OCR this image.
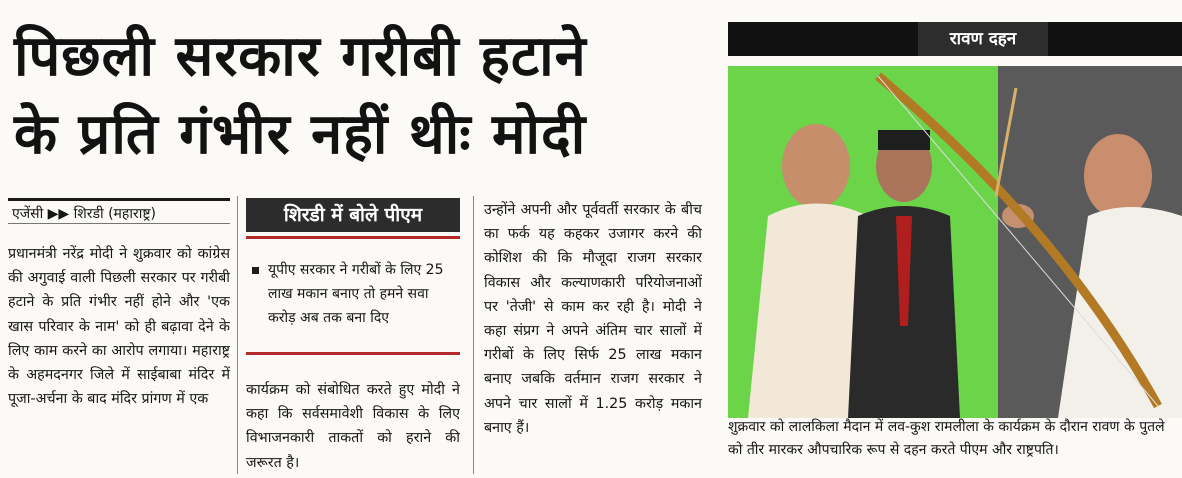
पिछली सरकार गरीबी हटाने
के प्रति गंभीर नहीं थीः मोदी
एजेंसी ▶▶ शिरडी (महाराष्ट्र)
प्रधानमंत्री नरेंद्र मोदी ने शुक्रवार को कांग्रेस की अगुवाई वाली पिछली सरकार पर गरीबी हटाने के प्रति गंभीर नहीं होने और 'एक खास परिवार के नाम' को ही बढ़ावा देने के लिए काम करने का आरोप लगाया। महाराष्ट्र के अहमदनगर जिले में साईबाबा मंदिर में पूजा-अर्चना के बाद मंदिर प्रांगण में एक
शिरडी में बोले पीएम
यूपीए सरकार ने गरीबों के लिए 25 लाख मकान बनाए तो हमने सवा करोड़ अब तक बना दिए
कार्यक्रम को संबोधित करते हुए मोदी ने कहा कि सर्वसमावेशी विकास के लिए विभाजनकारी ताकतों को हराने की जरूरत है।
उन्होंने अपनी और पूर्ववर्ती सरकार के बीच का फर्क यह कहकर उजागर करने की कोशिश की कि मौजूदा राजग सरकार विकास और कल्याणकारी परियोजनाओं पर 'तेजी' से काम कर रही है। मोदी ने कहा संप्रग ने अपने अंतिम चार सालों में गरीबों के लिए सिर्फ 25 लाख मकान बनाए जबकि वर्तमान राजग सरकार ने अपने चार सालों में 1.25 करोड़ मकान बनाए हैं।
रावण दहन
शुक्रवार को लालकिला मैदान में लव-कुश रामलीला के कार्यक्रम के दौरान रावण के पुतले को तीर मारकर औपचारिक रूप से दहन करते पीएम और राष्ट्रपति।
